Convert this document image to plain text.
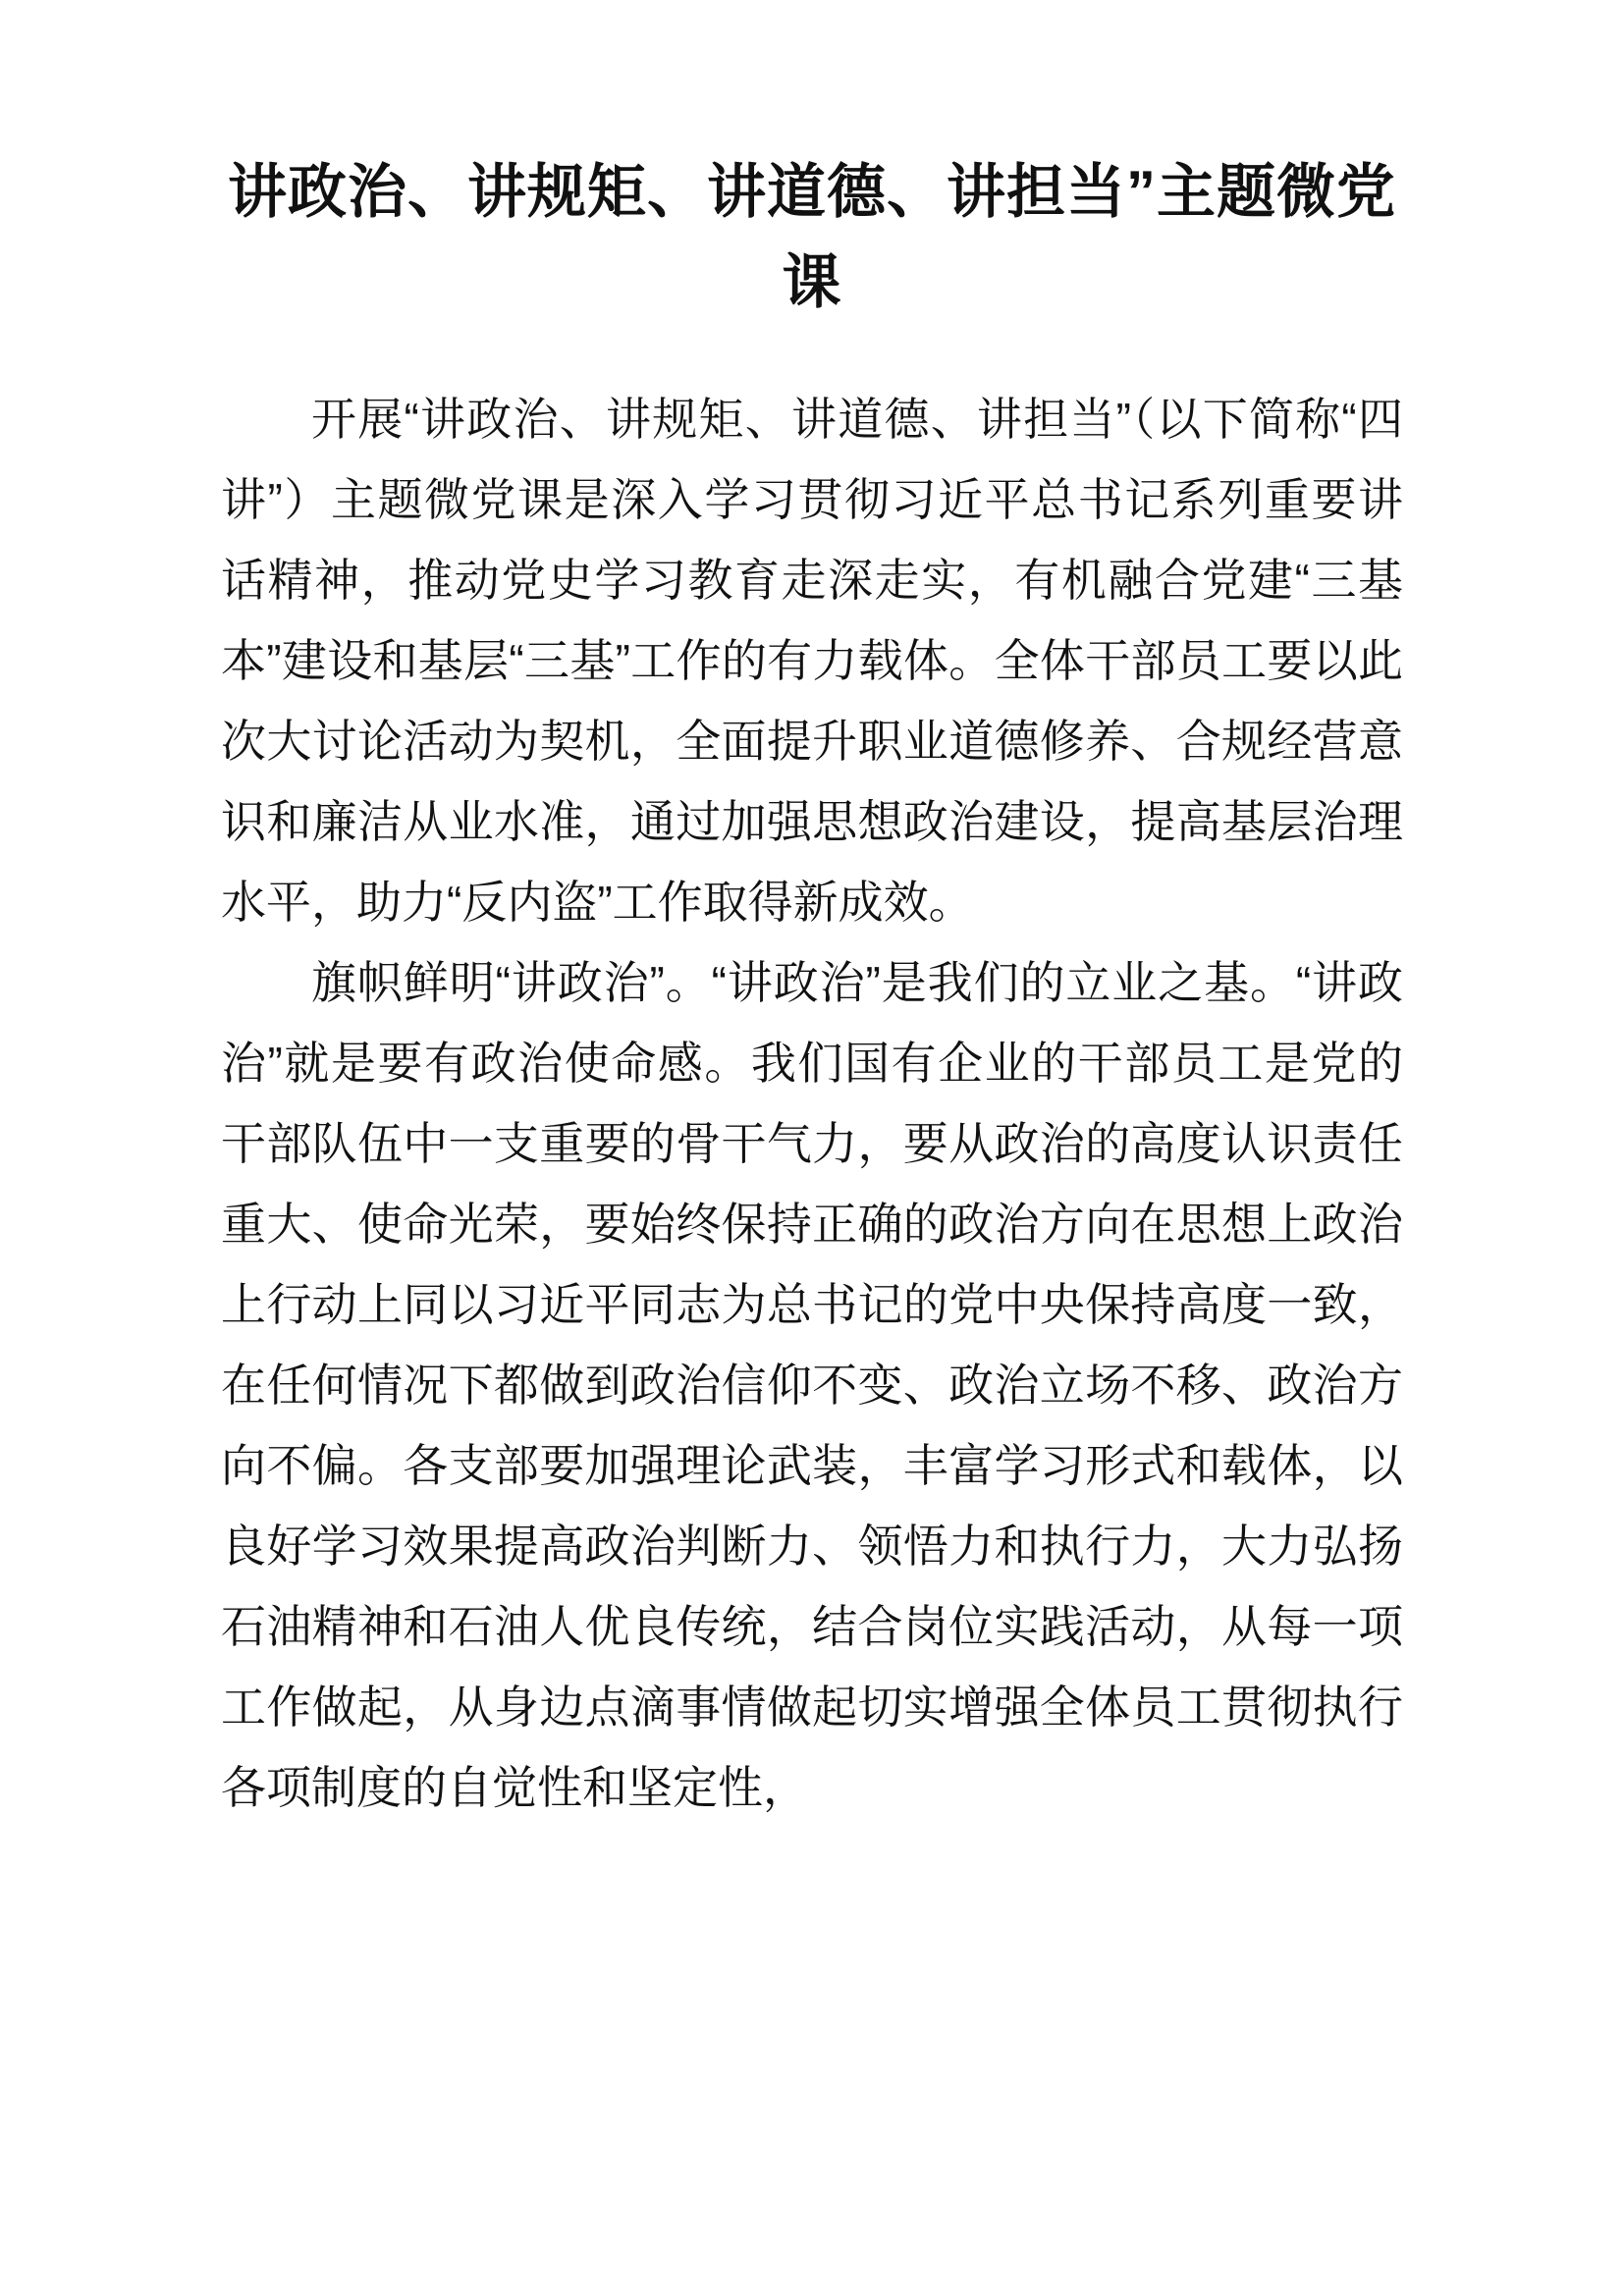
讲政治、讲规矩、讲道德、讲担当”主题微党课

开展“讲政治、讲规矩、讲道德、讲担当”（以下简称“四讲”）主题微党课是深入学习贯彻习近平总书记系列重要讲话精神，推动党史学习教育走深走实，有机融合党建“三基本”建设和基层“三基”工作的有力载体。全体干部员工要以此次大讨论活动为契机，全面提升职业道德修养、合规经营意识和廉洁从业水准，通过加强思想政治建设，提高基层治理水平，助力“反内盗”工作取得新成效。

旗帜鲜明“讲政治”。“讲政治”是我们的立业之基。“讲政治”就是要有政治使命感。我们国有企业的干部员工是党的干部队伍中一支重要的骨干气力，要从政治的高度认识责任重大、使命光荣，要始终保持正确的政治方向在思想上政治上行动上同以习近平同志为总书记的党中央保持高度一致，在任何情况下都做到政治信仰不变、政治立场不移、政治方向不偏。各支部要加强理论武装，丰富学习形式和载体，以良好学习效果提高政治判断力、领悟力和执行力，大力弘扬石油精神和石油人优良传统，结合岗位实践活动，从每一项工作做起，从身边点滴事情做起切实增强全体员工贯彻执行各项制度的自觉性和坚定性，
